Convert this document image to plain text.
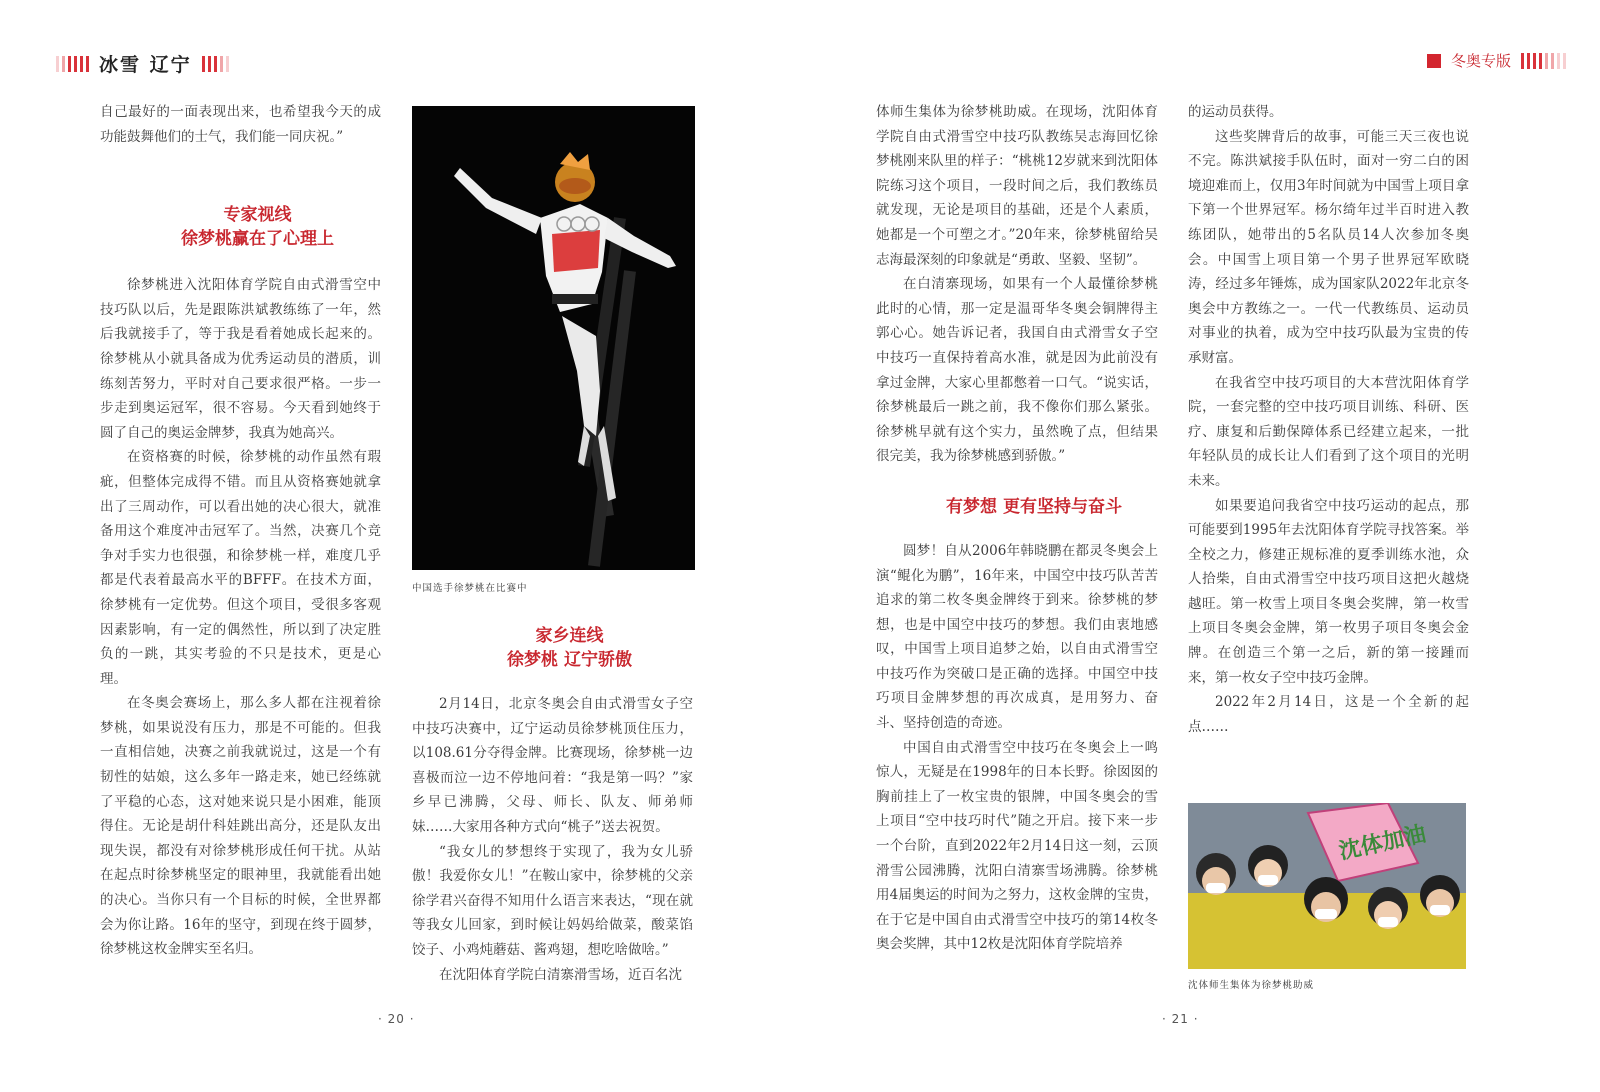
冰雪 辽宁

自己最好的一面表现出来，也希望我今天的成功能鼓舞他们的士气，我们能一同庆祝。”

专家视线

徐梦桃赢在了心理上

徐梦桃进入沈阳体育学院自由式滑雪空中技巧队以后，先是跟陈洪斌教练练了一年，然后我就接手了，等于我是看着她成长起来的。徐梦桃从小就具备成为优秀运动员的潜质，训练刻苦努力，平时对自己要求很严格。一步一步走到奥运冠军，很不容易。今天看到她终于圆了自己的奥运金牌梦，我真为她高兴。

在资格赛的时候，徐梦桃的动作虽然有瑕疵，但整体完成得不错。而且从资格赛她就拿出了三周动作，可以看出她的决心很大，就准备用这个难度冲击冠军了。当然，决赛几个竞争对手实力也很强，和徐梦桃一样，难度几乎都是代表着最高水平的BFFF。在技术方面，徐梦桃有一定优势。但这个项目，受很多客观因素影响，有一定的偶然性，所以到了决定胜负的一跳，其实考验的不只是技术，更是心理。

在冬奥会赛场上，那么多人都在注视着徐梦桃，如果说没有压力，那是不可能的。但我一直相信她，决赛之前我就说过，这是一个有韧性的姑娘，这么多年一路走来，她已经练就了平稳的心态，这对她来说只是小困难，能顶得住。无论是胡什科娃跳出高分，还是队友出现失误，都没有对徐梦桃形成任何干扰。从站在起点时徐梦桃坚定的眼神里，我就能看出她的决心。当你只有一个目标的时候，全世界都会为你让路。16年的坚守，到现在终于圆梦，徐梦桃这枚金牌实至名归。

中国选手徐梦桃在比赛中

家乡连线

徐梦桃 辽宁骄傲

2月14日，北京冬奥会自由式滑雪女子空中技巧决赛中，辽宁运动员徐梦桃顶住压力，以108.61分夺得金牌。比赛现场，徐梦桃一边喜极而泣一边不停地问着：“我是第一吗？”家乡早已沸腾，父母、师长、队友、师弟师妹……大家用各种方式向“桃子”送去祝贺。

“我女儿的梦想终于实现了，我为女儿骄傲！我爱你女儿！”在鞍山家中，徐梦桃的父亲徐学君兴奋得不知用什么语言来表达，“现在就等我女儿回家，到时候让妈妈给做菜，酸菜馅饺子、小鸡炖蘑菇、酱鸡翅，想吃啥做啥。”

在沈阳体育学院白清寨滑雪场，近百名沈

· 20 ·
冬奥专版

体师生集体为徐梦桃助威。在现场，沈阳体育学院自由式滑雪空中技巧队教练吴志海回忆徐梦桃刚来队里的样子：“桃桃12岁就来到沈阳体院练习这个项目，一段时间之后，我们教练员就发现，无论是项目的基础，还是个人素质，她都是一个可塑之才。”20年来，徐梦桃留给吴志海最深刻的印象就是“勇敢、坚毅、坚韧”。

在白清寨现场，如果有一个人最懂徐梦桃此时的心情，那一定是温哥华冬奥会铜牌得主郭心心。她告诉记者，我国自由式滑雪女子空中技巧一直保持着高水准，就是因为此前没有拿过金牌，大家心里都憋着一口气。“说实话，徐梦桃最后一跳之前，我不像你们那么紧张。徐梦桃早就有这个实力，虽然晚了点，但结果很完美，我为徐梦桃感到骄傲。”

有梦想 更有坚持与奋斗

圆梦！自从2006年韩晓鹏在都灵冬奥会上演“鲲化为鹏”，16年来，中国空中技巧队苦苦追求的第二枚冬奥金牌终于到来。徐梦桃的梦想，也是中国空中技巧的梦想。我们由衷地感叹，中国雪上项目追梦之始，以自由式滑雪空中技巧作为突破口是正确的选择。中国空中技巧项目金牌梦想的再次成真，是用努力、奋斗、坚持创造的奇迹。

中国自由式滑雪空中技巧在冬奥会上一鸣惊人，无疑是在1998年的日本长野。徐囡囡的胸前挂上了一枚宝贵的银牌，中国冬奥会的雪上项目“空中技巧时代”随之开启。接下来一步一个台阶，直到2022年2月14日这一刻，云顶滑雪公园沸腾，沈阳白清寨雪场沸腾。徐梦桃用4届奥运的时间为之努力，这枚金牌的宝贵，在于它是中国自由式滑雪空中技巧的第14枚冬奥会奖牌，其中12枚是沈阳体育学院培养

的运动员获得。

这些奖牌背后的故事，可能三天三夜也说不完。陈洪斌接手队伍时，面对一穷二白的困境迎难而上，仅用3年时间就为中国雪上项目拿下第一个世界冠军。杨尔绮年过半百时进入教练团队，她带出的5名队员14人次参加冬奥会。中国雪上项目第一个男子世界冠军欧晓涛，经过多年锤炼，成为国家队2022年北京冬奥会中方教练之一。一代一代教练员、运动员对事业的执着，成为空中技巧队最为宝贵的传承财富。

在我省空中技巧项目的大本营沈阳体育学院，一套完整的空中技巧项目训练、科研、医疗、康复和后勤保障体系已经建立起来，一批年轻队员的成长让人们看到了这个项目的光明未来。

如果要追问我省空中技巧运动的起点，那可能要到1995年去沈阳体育学院寻找答案。举全校之力，修建正规标准的夏季训练水池，众人拾柴，自由式滑雪空中技巧项目这把火越烧越旺。第一枚雪上项目冬奥会奖牌，第一枚雪上项目冬奥会金牌，第一枚男子项目冬奥会金牌。在创造三个第一之后，新的第一接踵而来，第一枚女子空中技巧金牌。

2022年2月14日，这是一个全新的起点……

· 21 ·
沈体加油
沈体师生集体为徐梦桃助威
